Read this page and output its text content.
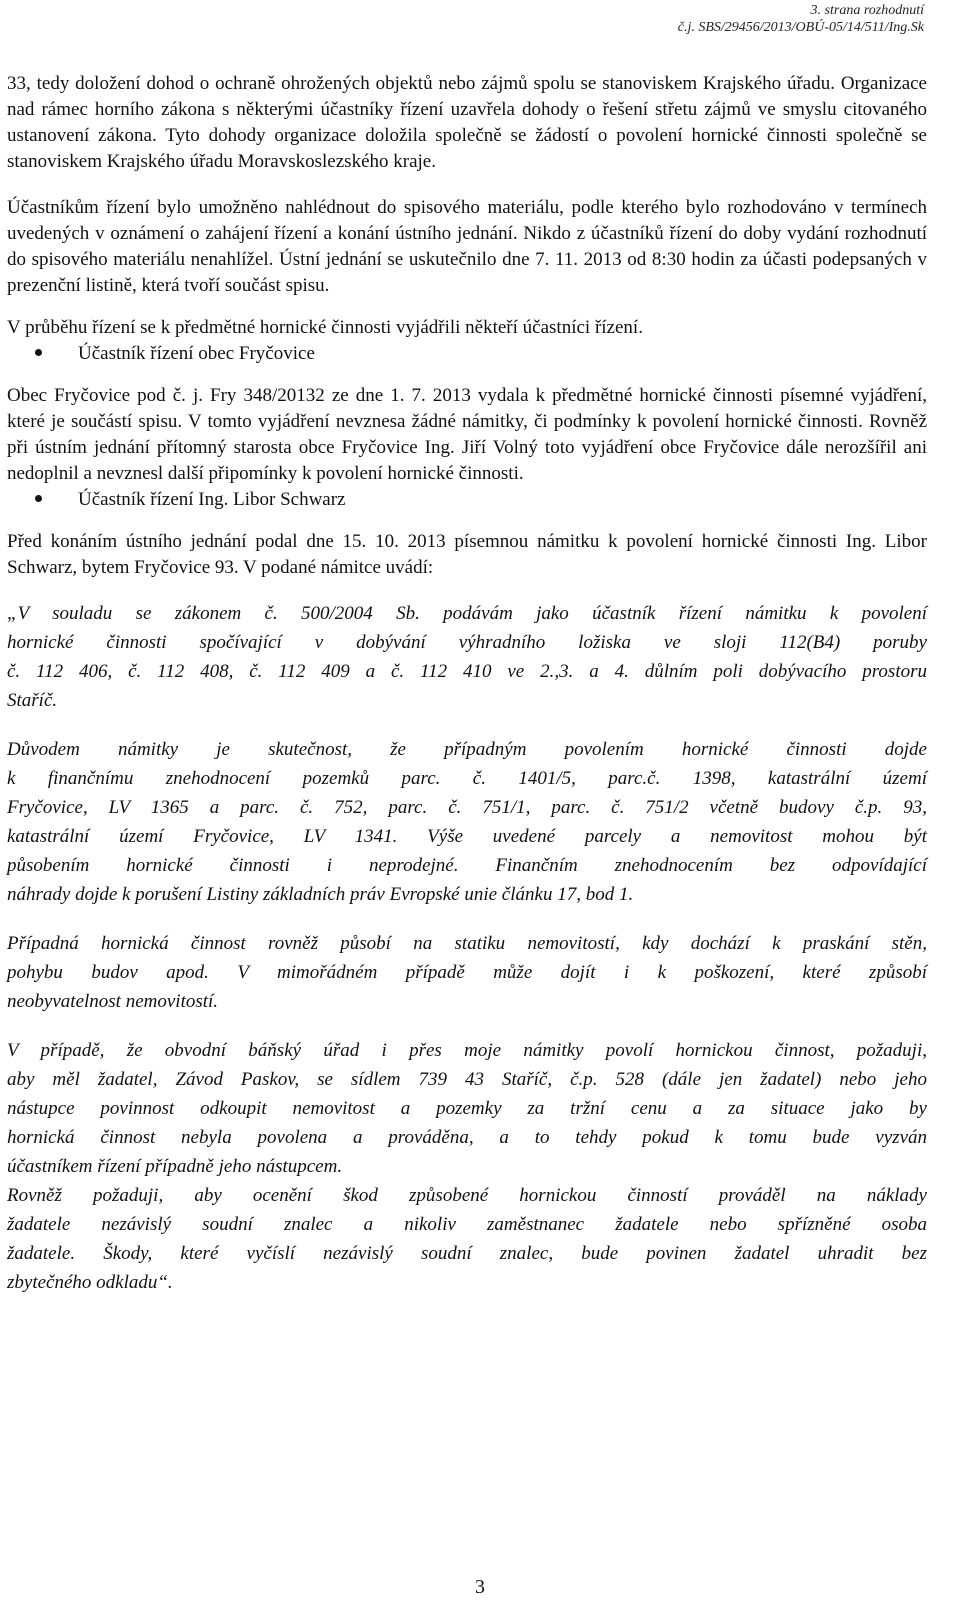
3. strana rozhodnutí
č.j. SBS/29456/2013/OBÚ-05/14/511/Ing.Sk

33, tedy doložení dohod o ochraně ohrožených objektů nebo zájmů spolu se stanoviskem Krajského úřadu. Organizace nad rámec horního zákona s některými účastníky řízení uzavřela dohody o řešení střetu zájmů ve smyslu citovaného ustanovení zákona. Tyto dohody organizace doložila společně se žádostí o povolení hornické činnosti společně se stanoviskem Krajského úřadu Moravskoslezského kraje.

Účastníkům řízení bylo umožněno nahlédnout do spisového materiálu, podle kterého bylo rozhodováno v termínech uvedených v oznámení o zahájení řízení a konání ústního jednání. Nikdo z účastníků řízení do doby vydání rozhodnutí do spisového materiálu nenahlížel. Ústní jednání se uskutečnilo dne 7. 11. 2013 od 8:30 hodin za účasti podepsaných v prezenční listině, která tvoří součást spisu.

V průběhu řízení se k předmětné hornické činnosti vyjádřili někteří účastníci řízení.

Účastník řízení obec Fryčovice

Obec Fryčovice pod č. j. Fry 348/20132 ze dne 1. 7. 2013 vydala k předmětné hornické činnosti písemné vyjádření, které je součástí spisu. V tomto vyjádření nevznesa žádné námitky, či podmínky k povolení hornické činnosti. Rovněž při ústním jednání přítomný starosta obce Fryčovice Ing. Jiří Volný toto vyjádření obce Fryčovice dále nerozšířil ani nedoplnil a nevznesl další připomínky k povolení hornické činnosti.

Účastník řízení Ing. Libor Schwarz

Před konáním ústního jednání podal dne 15. 10. 2013 písemnou námitku k povolení hornické činnosti Ing. Libor Schwarz, bytem Fryčovice 93. V podané námitce uvádí:

„V souladu se zákonem č. 500/2004 Sb. podávám jako účastník řízení námitku k povolení
hornické činnosti spočívající v dobývání výhradního ložiska ve sloji 112(B4) poruby
č. 112 406, č. 112 408, č. 112 409 a č. 112 410 ve 2.,3. a 4. důlním poli dobývacího prostoru
Staříč.
Důvodem námitky je skutečnost, že případným povolením hornické činnosti dojde
k finančnímu znehodnocení pozemků parc. č. 1401/5, parc.č. 1398, katastrální území
Fryčovice, LV 1365 a parc. č. 752, parc. č. 751/1, parc. č. 751/2 včetně budovy č.p. 93,
katastrální území Fryčovice, LV 1341. Výše uvedené parcely a nemovitost mohou být
působením hornické činnosti i neprodejné. Finančním znehodnocením bez odpovídající
náhrady dojde k porušení Listiny základních práv Evropské unie článku 17, bod 1.
Případná hornická činnost rovněž působí na statiku nemovitostí, kdy dochází k praskání stěn,
pohybu budov apod. V mimořádném případě může dojít i k poškození, které způsobí
neobyvatelnost nemovitostí.
V případě, že obvodní báňský úřad i přes moje námitky povolí hornickou činnost, požaduji,
aby měl žadatel, Závod Paskov, se sídlem 739 43 Staříč, č.p. 528 (dále jen žadatel) nebo jeho
nástupce povinnost odkoupit nemovitost a pozemky za tržní cenu a za situace jako by
hornická činnost nebyla povolena a prováděna, a to tehdy pokud k tomu bude vyzván
účastníkem řízení případně jeho nástupcem.
Rovněž požaduji, aby ocenění škod způsobené hornickou činností prováděl na náklady
žadatele nezávislý soudní znalec a nikoliv zaměstnanec žadatele nebo spřízněné osoba
žadatele. Škody, které vyčíslí nezávislý soudní znalec, bude povinen žadatel uhradit bez
zbytečného odkladu“.
3
